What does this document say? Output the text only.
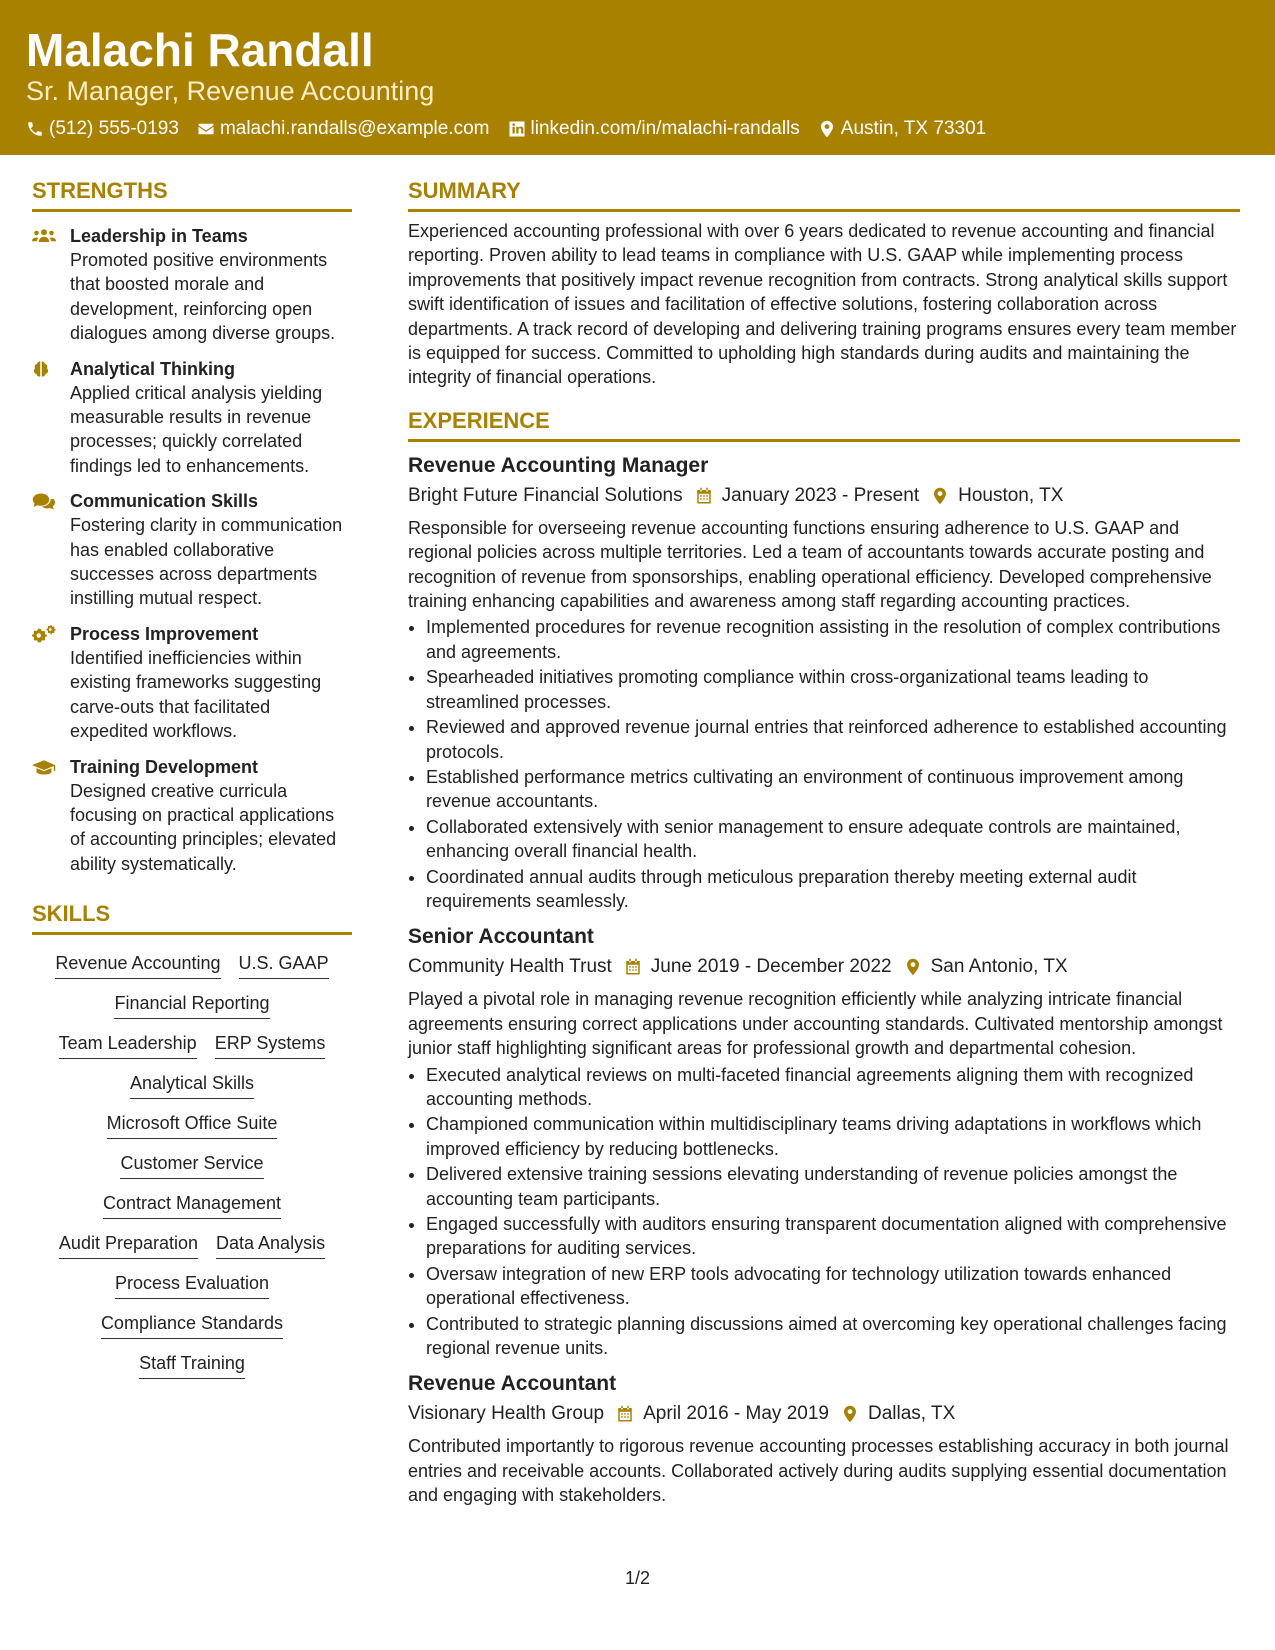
Malachi Randall
Sr. Manager, Revenue Accounting
(512) 555-0193 malachi.randalls@example.com linkedin.com/in/malachi-randalls Austin, TX 73301
STRENGTHS
Leadership in Teams
Promoted positive environments that boosted morale and development, reinforcing open dialogues among diverse groups.
Analytical Thinking
Applied critical analysis yielding measurable results in revenue processes; quickly correlated findings led to enhancements.
Communication Skills
Fostering clarity in communication has enabled collaborative successes across departments instilling mutual respect.
Process Improvement
Identified inefficiencies within existing frameworks suggesting carve-outs that facilitated expedited workflows.
Training Development
Designed creative curricula focusing on practical applications of accounting principles; elevated ability systematically.
SKILLS
Revenue Accounting U.S. GAAP
Financial Reporting
Team Leadership ERP Systems
Analytical Skills
Microsoft Office Suite
Customer Service
Contract Management
Audit Preparation Data Analysis
Process Evaluation
Compliance Standards
Staff Training
SUMMARY

Experienced accounting professional with over 6 years dedicated to revenue accounting and financial reporting. Proven ability to lead teams in compliance with U.S. GAAP while implementing process improvements that positively impact revenue recognition from contracts. Strong analytical skills support swift identification of issues and facilitation of effective solutions, fostering collaboration across departments. A track record of developing and delivering training programs ensures every team member is equipped for success. Committed to upholding high standards during audits and maintaining the integrity of financial operations.

EXPERIENCE
Revenue Accounting Manager
Bright Future Financial Solutions January 2023 - Present Houston, TX
Responsible for overseeing revenue accounting functions ensuring adherence to U.S. GAAP and regional policies across multiple territories. Led a team of accountants towards accurate posting and recognition of revenue from sponsorships, enabling operational efficiency. Developed comprehensive training enhancing capabilities and awareness among staff regarding accounting practices.
• Implemented procedures for revenue recognition assisting in the resolution of complex contributions and agreements.
• Spearheaded initiatives promoting compliance within cross-organizational teams leading to streamlined processes.
• Reviewed and approved revenue journal entries that reinforced adherence to established accounting protocols.
• Established performance metrics cultivating an environment of continuous improvement among revenue accountants.
• Collaborated extensively with senior management to ensure adequate controls are maintained, enhancing overall financial health.
• Coordinated annual audits through meticulous preparation thereby meeting external audit requirements seamlessly.
Senior Accountant
Community Health Trust June 2019 - December 2022 San Antonio, TX
Played a pivotal role in managing revenue recognition efficiently while analyzing intricate financial agreements ensuring correct applications under accounting standards. Cultivated mentorship amongst junior staff highlighting significant areas for professional growth and departmental cohesion.
• Executed analytical reviews on multi-faceted financial agreements aligning them with recognized accounting methods.
• Championed communication within multidisciplinary teams driving adaptations in workflows which improved efficiency by reducing bottlenecks.
• Delivered extensive training sessions elevating understanding of revenue policies amongst the accounting team participants.
• Engaged successfully with auditors ensuring transparent documentation aligned with comprehensive preparations for auditing services.
• Oversaw integration of new ERP tools advocating for technology utilization towards enhanced operational effectiveness.
• Contributed to strategic planning discussions aimed at overcoming key operational challenges facing regional revenue units.
Revenue Accountant
Visionary Health Group April 2016 - May 2019 Dallas, TX
Contributed importantly to rigorous revenue accounting processes establishing accuracy in both journal entries and receivable accounts. Collaborated actively during audits supplying essential documentation and engaging with stakeholders.
1/2
